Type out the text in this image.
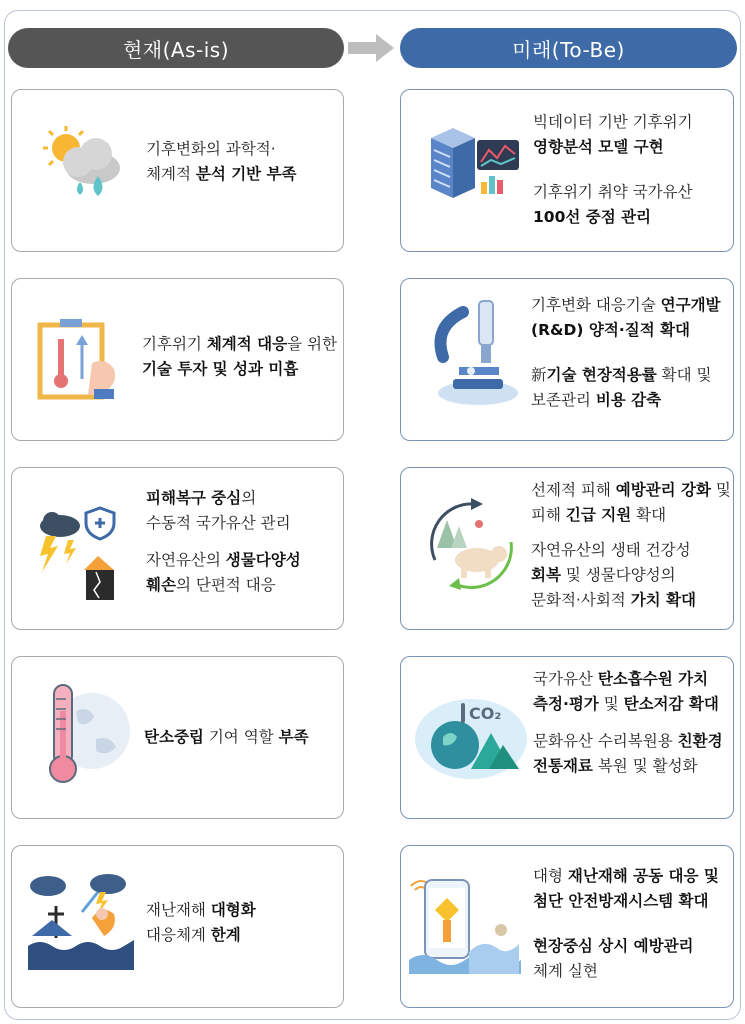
현재(As-is)	미래(To-Be)
기후변화의 과학적·
체계적 분석 기반 부족
빅데이터 기반 기후위기
영향분석 모델 구현
기후위기 취약 국가유산
100선 중점 관리
기후위기 체계적 대응을 위한
기술 투자 및 성과 미흡
기후변화 대응기술 연구개발
(R&D) 양적·질적 확대
新기술 현장적용률 확대 및
보존관리 비용 감축
피해복구 중심의
수동적 국가유산 관리
자연유산의 생물다양성
훼손의 단편적 대응
선제적 피해 예방관리 강화 및
피해 긴급 지원 확대
자연유산의 생태 건강성
회복 및 생물다양성의
문화적·사회적 가치 확대
탄소중립 기여 역할 부족
CO₂
국가유산 탄소흡수원 가치
측정·평가 및 탄소저감 확대
문화유산 수리복원용 친환경
전통재료 복원 및 활성화
재난재해 대형화
대응체계 한계
대형 재난재해 공동 대응 및
첨단 안전방재시스템 확대
현장중심 상시 예방관리
체계 실현
